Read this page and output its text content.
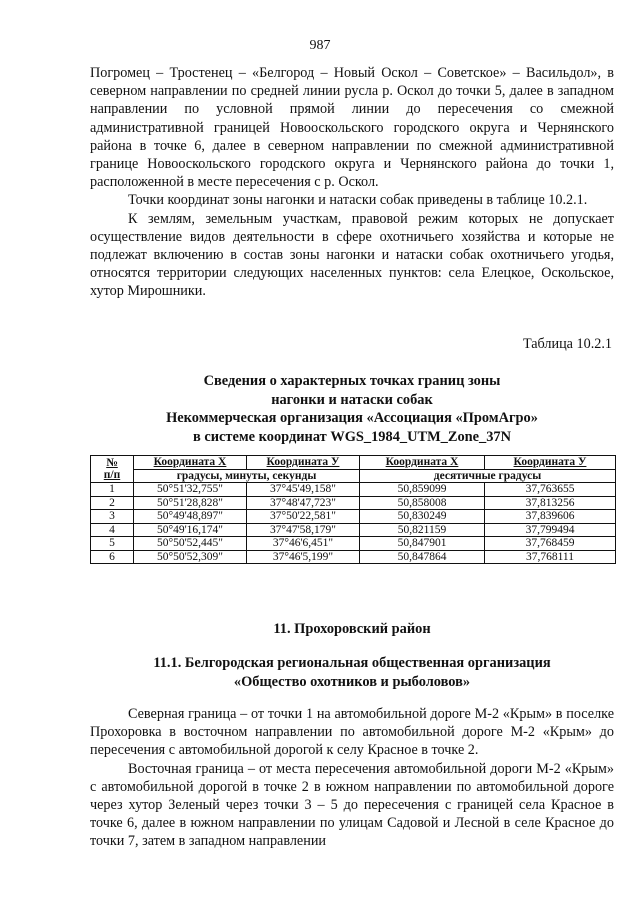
987

Погромец – Тростенец – «Белгород – Новый Оскол – Советское» – Васильдол», в северном направлении по средней линии русла р. Оскол до точки 5, далее в западном направлении по условной прямой линии до пересечения со смежной административной границей Новооскольского городского округа и Чернянского района в точке 6, далее в северном направлении по смежной административной границе Новооскольского городского округа и Чернянского района до точки 1, расположенной в месте пересечения с р. Оскол.

Точки координат зоны нагонки и натаски собак приведены в таблице 10.2.1.

К землям, земельным участкам, правовой режим которых не допускает осуществление видов деятельности в сфере охотничьего хозяйства и которые не подлежат включению в состав зоны нагонки и натаски собак охотничьего угодья, относятся территории следующих населенных пунктов: села Елецкое, Оскольское, хутор Мирошники.

Таблица 10.2.1
Сведения о характерных точках границ зоны
нагонки и натаски собак
Некоммерческая организация «Ассоциация «ПромАгро»
в системе координат WGS_1984_UTM_Zone_37N
№
п/п	Координата X	Координата У	Координата X	Координата У
	градусы, минуты, секунды		десятичные градусы	
1	50°51'32,755"	37°45'49,158"	50,859099	37,763655
2	50°51'28,828"	37°48'47,723"	50,858008	37,813256
3	50°49'48,897"	37°50'22,581"	50,830249	37,839606
4	50°49'16,174"	37°47'58,179"	50,821159	37,799494
5	50°50'52,445"	37°46'6,451"	50,847901	37,768459
6	50°50'52,309"	37°46'5,199"	50,847864	37,768111
11. Прохоровский район
11.1. Белгородская региональная общественная организация
«Общество охотников и рыболовов»

Северная граница – от точки 1 на автомобильной дороге М-2 «Крым» в поселке Прохоровка в восточном направлении по автомобильной дороге М-2 «Крым» до пересечения с автомобильной дорогой к селу Красное в точке 2.

Восточная граница – от места пересечения автомобильной дороги М-2 «Крым» с автомобильной дорогой в точке 2 в южном направлении по автомобильной дороге через хутор Зеленый через точки 3 – 5 до пересечения с границей села Красное в точке 6, далее в южном направлении по улицам Садовой и Лесной в селе Красное до точки 7, затем в западном направлении
